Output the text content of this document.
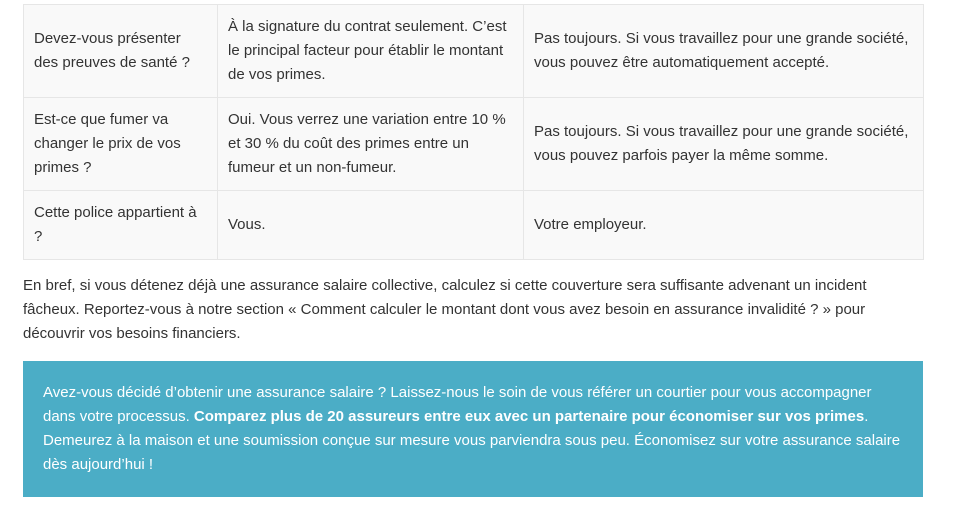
Devez-vous présenter des preuves de santé ?	À la signature du contrat seulement. C’est le principal facteur pour établir le montant de vos primes.	Pas toujours. Si vous travaillez pour une grande société, vous pouvez être automatiquement accepté.
Est-ce que fumer va changer le prix de vos primes ?	Oui. Vous verrez une variation entre 10 % et 30 % du coût des primes entre un fumeur et un non-fumeur.	Pas toujours. Si vous travaillez pour une grande société, vous pouvez parfois payer la même somme.
Cette police appartient à ?	Vous.	Votre employeur.

En bref, si vous détenez déjà une assurance salaire collective, calculez si cette couverture sera suffisante advenant un incident fâcheux. Reportez-vous à notre section « Comment calculer le montant dont vous avez besoin en assurance invalidité ? » pour découvrir vos besoins financiers.

Avez-vous décidé d’obtenir une assurance salaire ? Laissez-nous le soin de vous référer un courtier pour vous accompagner dans votre processus. Comparez plus de 20 assureurs entre eux avec un partenaire pour économiser sur vos primes. Demeurez à la maison et une soumission conçue sur mesure vous parviendra sous peu. Économisez sur votre assurance salaire dès aujourd’hui !
